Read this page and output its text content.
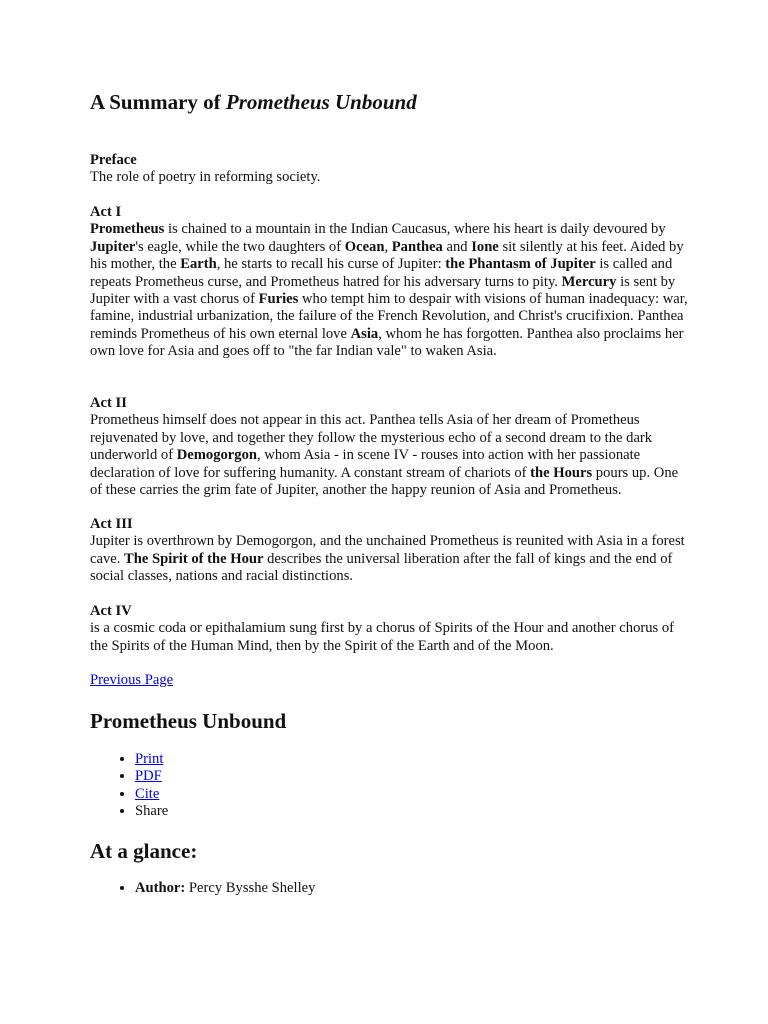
A Summary of Prometheus Unbound
Preface

The role of poetry in reforming society.

Act I

Prometheus is chained to a mountain in the Indian Caucasus, where his heart is daily devoured by Jupiter's eagle, while the two daughters of Ocean, Panthea and Ione sit silently at his feet. Aided by his mother, the Earth, he starts to recall his curse of Jupiter: the Phantasm of Jupiter is called and repeats Prometheus curse, and Prometheus hatred for his adversary turns to pity. Mercury is sent by Jupiter with a vast chorus of Furies who tempt him to despair with visions of human inadequacy: war, famine, industrial urbanization, the failure of the French Revolution, and Christ's crucifixion. Panthea reminds Prometheus of his own eternal love Asia, whom he has forgotten. Panthea also proclaims her own love for Asia and goes off to "the far Indian vale" to waken Asia.

Act II

Prometheus himself does not appear in this act. Panthea tells Asia of her dream of Prometheus rejuvenated by love, and together they follow the mysterious echo of a second dream to the dark underworld of Demogorgon, whom Asia - in scene IV - rouses into action with her passionate declaration of love for suffering humanity. A constant stream of chariots of the Hours pours up. One of these carries the grim fate of Jupiter, another the happy reunion of Asia and Prometheus.

Act III

Jupiter is overthrown by Demogorgon, and the unchained Prometheus is reunited with Asia in a forest cave. The Spirit of the Hour describes the universal liberation after the fall of kings and the end of social classes, nations and racial distinctions.

Act IV

is a cosmic coda or epithalamium sung first by a chorus of Spirits of the Hour and another chorus of the Spirits of the Human Mind, then by the Spirit of the Earth and of the Moon.

Previous Page
Prometheus Unbound
• Print
• PDF
• Cite
• Share
At a glance:
• Author: Percy Bysshe Shelley
